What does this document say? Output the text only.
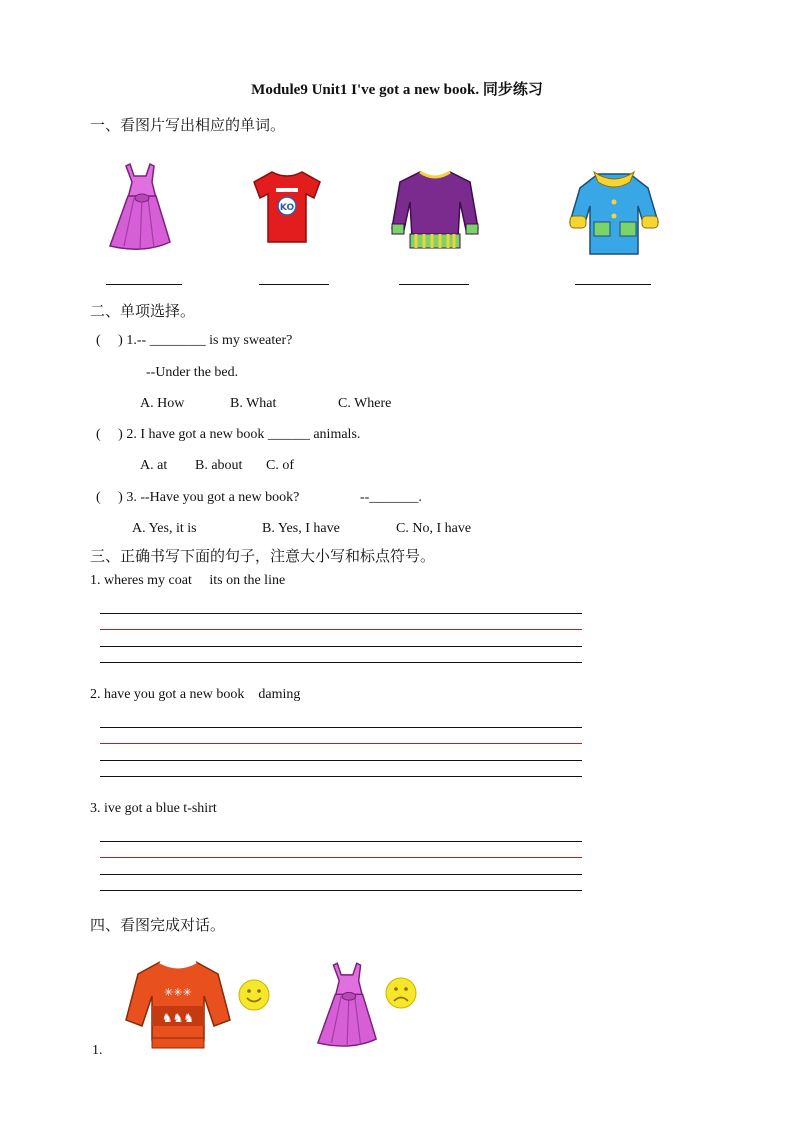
Module9 Unit1 I've got a new book. 同步练习
一、看图片写出相应的单词。
KO
二、单项选择。
(     ) 1.-- ________ is my sweater?
--Under the bed.
A. How	B. What	C. Where
(     ) 2. I have got a new book ______ animals.
A. at B. about C. of
(     ) 3. --Have you got a new book?	--_______.
A. Yes, it is	B. Yes, I have	C. No, I have
三、正确书写下面的句子，注意大小写和标点符号。
1. wheres my coat     its on the line
2. have you got a new book    daming
3. ive got a blue t-shirt
四、看图完成对话。
✳✳✳
♞♞♞
1.
